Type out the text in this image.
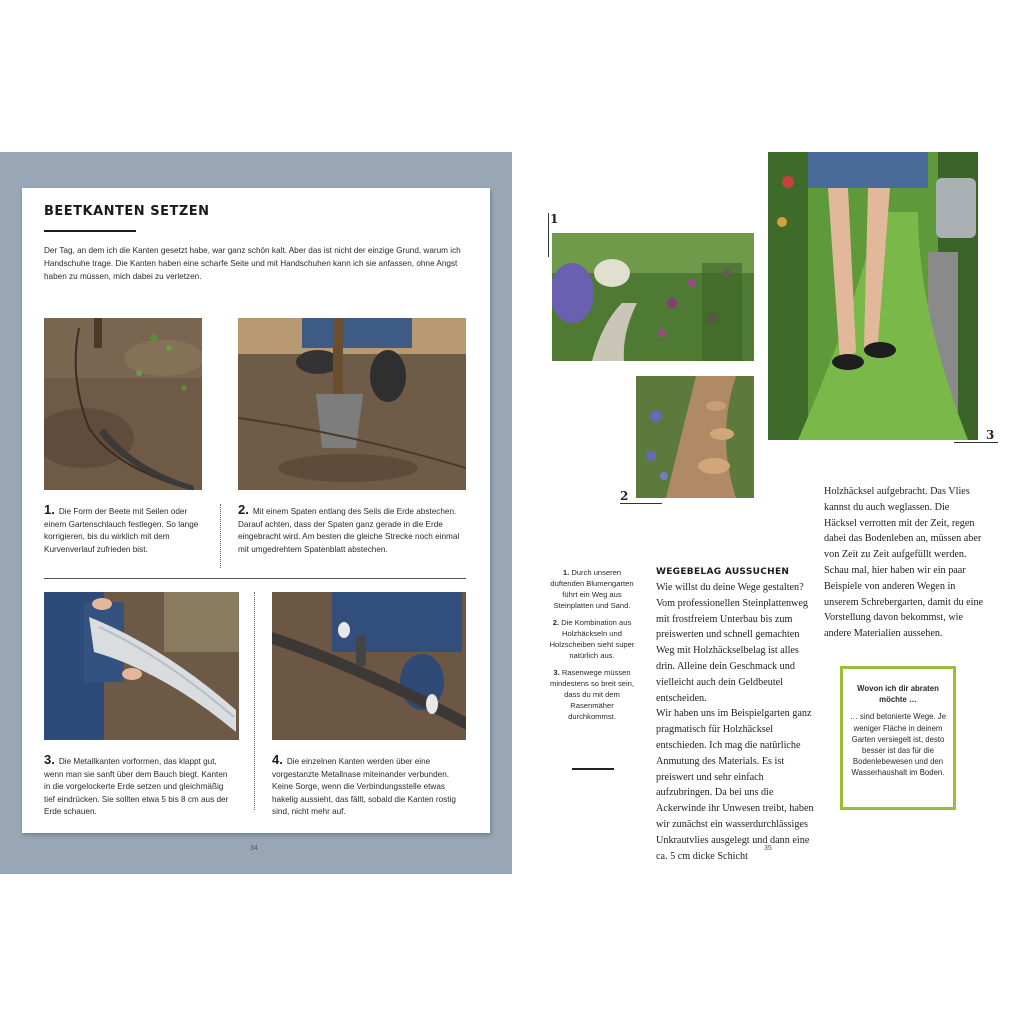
BEETKANTEN SETZEN
Der Tag, an dem ich die Kanten gesetzt habe, war ganz schön kalt. Aber das ist nicht der einzige Grund, warum ich Handschuhe trage. Die Kanten haben eine scharfe Seite und mit Handschuhen kann ich sie anfassen, ohne Angst haben zu müssen, mich dabei zu verletzen.
1. Die Form der Beete mit Seilen oder einem Gartenschlauch festlegen. So lange korrigieren, bis du wirklich mit dem Kurvenverlauf zufrieden bist.
2. Mit einem Spaten entlang des Seils die Erde abstechen. Darauf achten, dass der Spaten ganz gerade in die Erde eingebracht wird. Am besten die gleiche Strecke noch einmal mit umgedrehtem Spatenblatt abstechen.
3. Die Metallkanten vorformen, das klappt gut, wenn man sie sanft über dem Bauch biegt. Kanten in die vorgelockerte Erde setzen und gleichmäßig tief eindrücken. Sie sollten etwa 5 bis 8 cm aus der Erde schauen.
4. Die einzelnen Kanten werden über eine vorgestanzte Metallnase miteinander verbunden. Keine Sorge, wenn die Verbindungsstelle etwas hakelig aussieht, das fällt, sobald die Kanten rostig sind, nicht mehr auf.
34
1
2
3
1. Durch unseren duftenden Blumengarten führt ein Weg aus Steinplatten und Sand.
2. Die Kombination aus Holzhäckseln und Holzscheiben sieht super natürlich aus.
3. Rasenwege müssen mindestens so breit sein, dass du mit dem Rasenmäher durchkommst.
WEGEBELAG AUSSUCHEN

Wie willst du deine Wege gestalten? Vom professionellen Steinplattenweg mit frostfreiem Unterbau bis zum preiswerten und schnell gemachten Weg mit Holzhäckselbelag ist alles drin. Alleine dein Geschmack und vielleicht auch dein Geldbeutel entscheiden.

Wir haben uns im Beispielgarten ganz pragmatisch für Holzhäcksel entschieden. Ich mag die natürliche Anmutung des Materials. Es ist preiswert und sehr einfach aufzubringen. Da bei uns die Ackerwinde ihr Unwesen treibt, haben wir zunächst ein wasserdurchlässiges Unkrautvlies ausgelegt und dann eine ca. 5 cm dicke Schicht

Holzhäcksel aufgebracht. Das Vlies kannst du auch weglassen. Die Häcksel verrotten mit der Zeit, regen dabei das Bodenleben an, müssen aber von Zeit zu Zeit aufgefüllt werden. Schau mal, hier haben wir ein paar Beispiele von anderen Wegen in unserem Schrebergarten, damit du eine Vorstellung davon bekommst, wie andere Materialien aussehen.

Wovon ich dir abraten möchte …
… sind betonierte Wege. Je weniger Fläche in deinem Garten versiegelt ist, desto besser ist das für die Bodenlebewesen und den Wasserhaushalt im Boden.
35
